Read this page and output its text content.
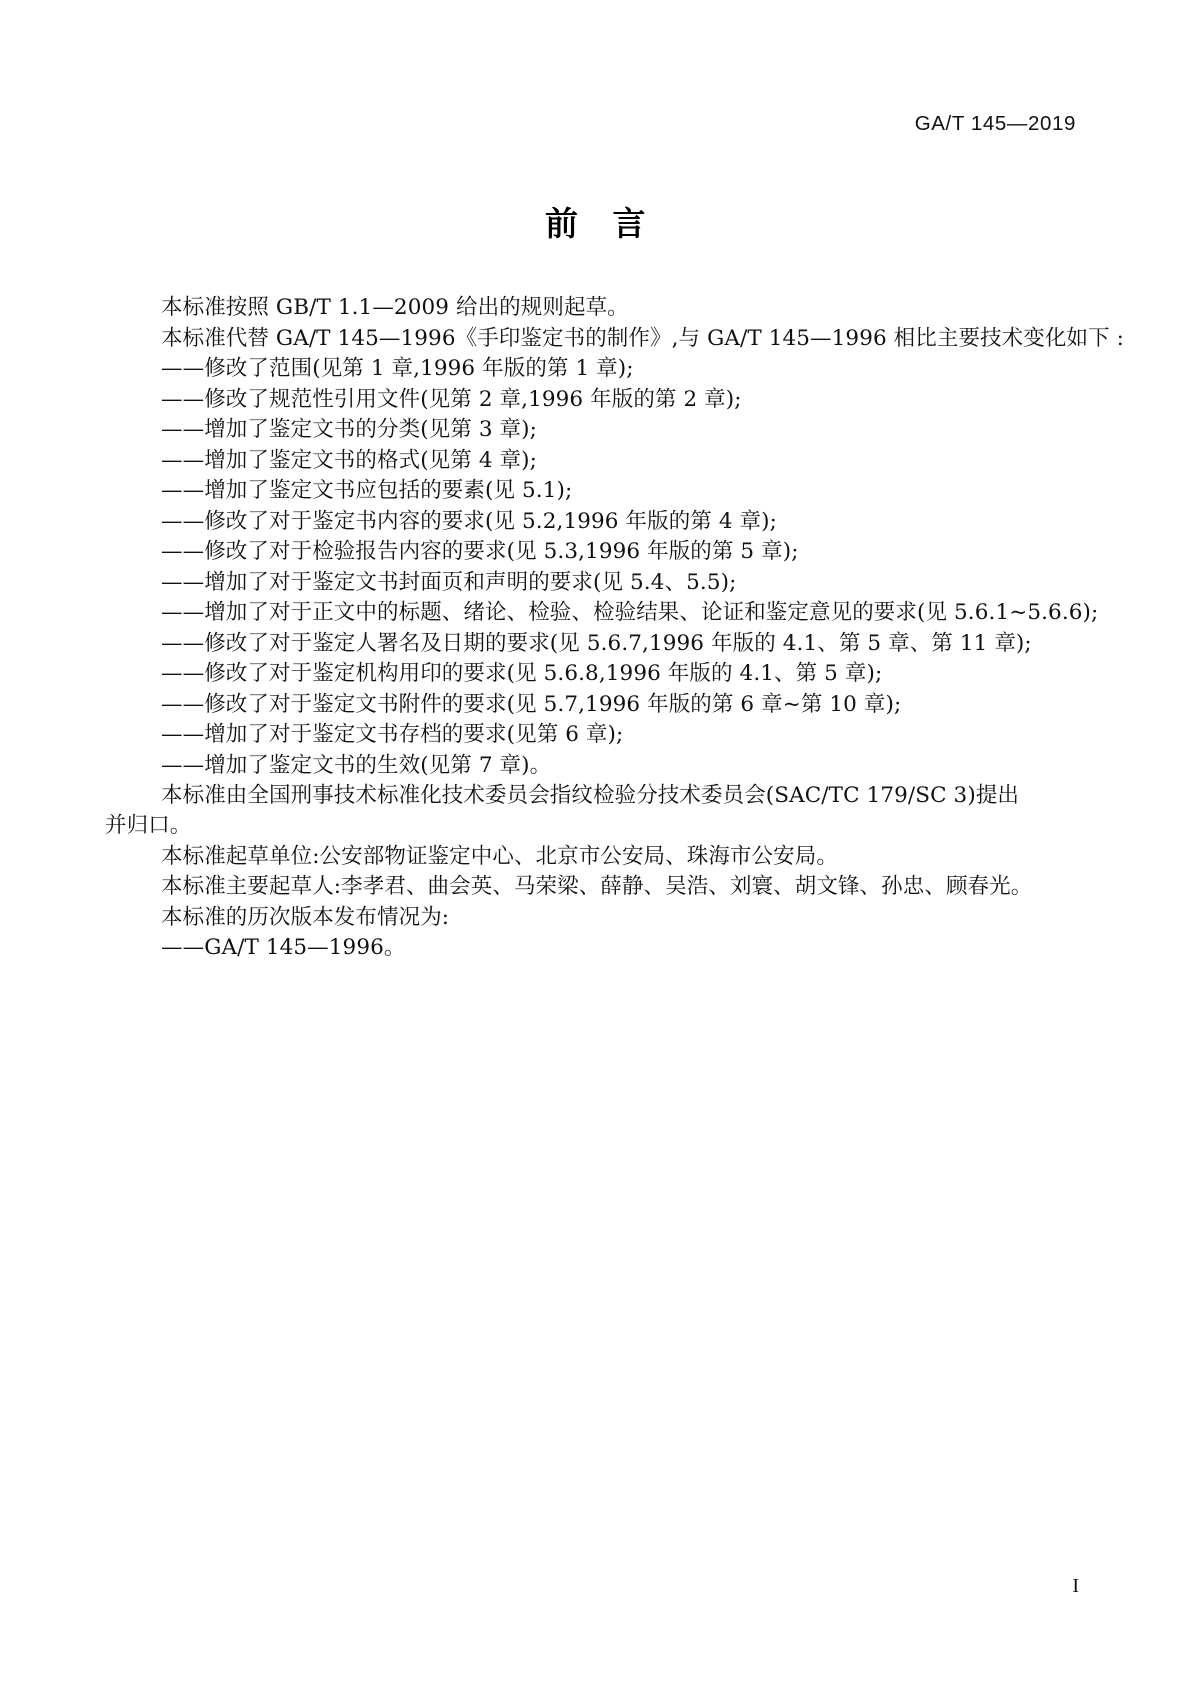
GA/T 145—2019
前 言

本标准按照 GB/T 1.1—2009 给出的规则起草。

本标准代替 GA/T 145—1996《手印鉴定书的制作》,与 GA/T 145—1996 相比主要技术变化如下 :

——修改了范围(见第 1 章,1996 年版的第 1 章);

——修改了规范性引用文件(见第 2 章,1996 年版的第 2 章);

——增加了鉴定文书的分类(见第 3 章);

——增加了鉴定文书的格式(见第 4 章);

——增加了鉴定文书应包括的要素(见 5.1);

——修改了对于鉴定书内容的要求(见 5.2,1996 年版的第 4 章);

——修改了对于检验报告内容的要求(见 5.3,1996 年版的第 5 章);

——增加了对于鉴定文书封面页和声明的要求(见 5.4、5.5);

——增加了对于正文中的标题、绪论、检验、检验结果、论证和鉴定意见的要求(见 5.6.1~5.6.6);

——修改了对于鉴定人署名及日期的要求(见 5.6.7,1996 年版的 4.1、第 5 章、第 11 章);

——修改了对于鉴定机构用印的要求(见 5.6.8,1996 年版的 4.1、第 5 章);

——修改了对于鉴定文书附件的要求(见 5.7,1996 年版的第 6 章~第 10 章);

——增加了对于鉴定文书存档的要求(见第 6 章);

——增加了鉴定文书的生效(见第 7 章)。

本标准由全国刑事技术标准化技术委员会指纹检验分技术委员会(SAC/TC 179/SC 3)提出并归口。

本标准起草单位:公安部物证鉴定中心、北京市公安局、珠海市公安局。

本标准主要起草人:李孝君、曲会英、马荣梁、薛静、吴浩、刘寰、胡文锋、孙忠、顾春光。

本标准的历次版本发布情况为:

——GA/T 145—1996。

I
